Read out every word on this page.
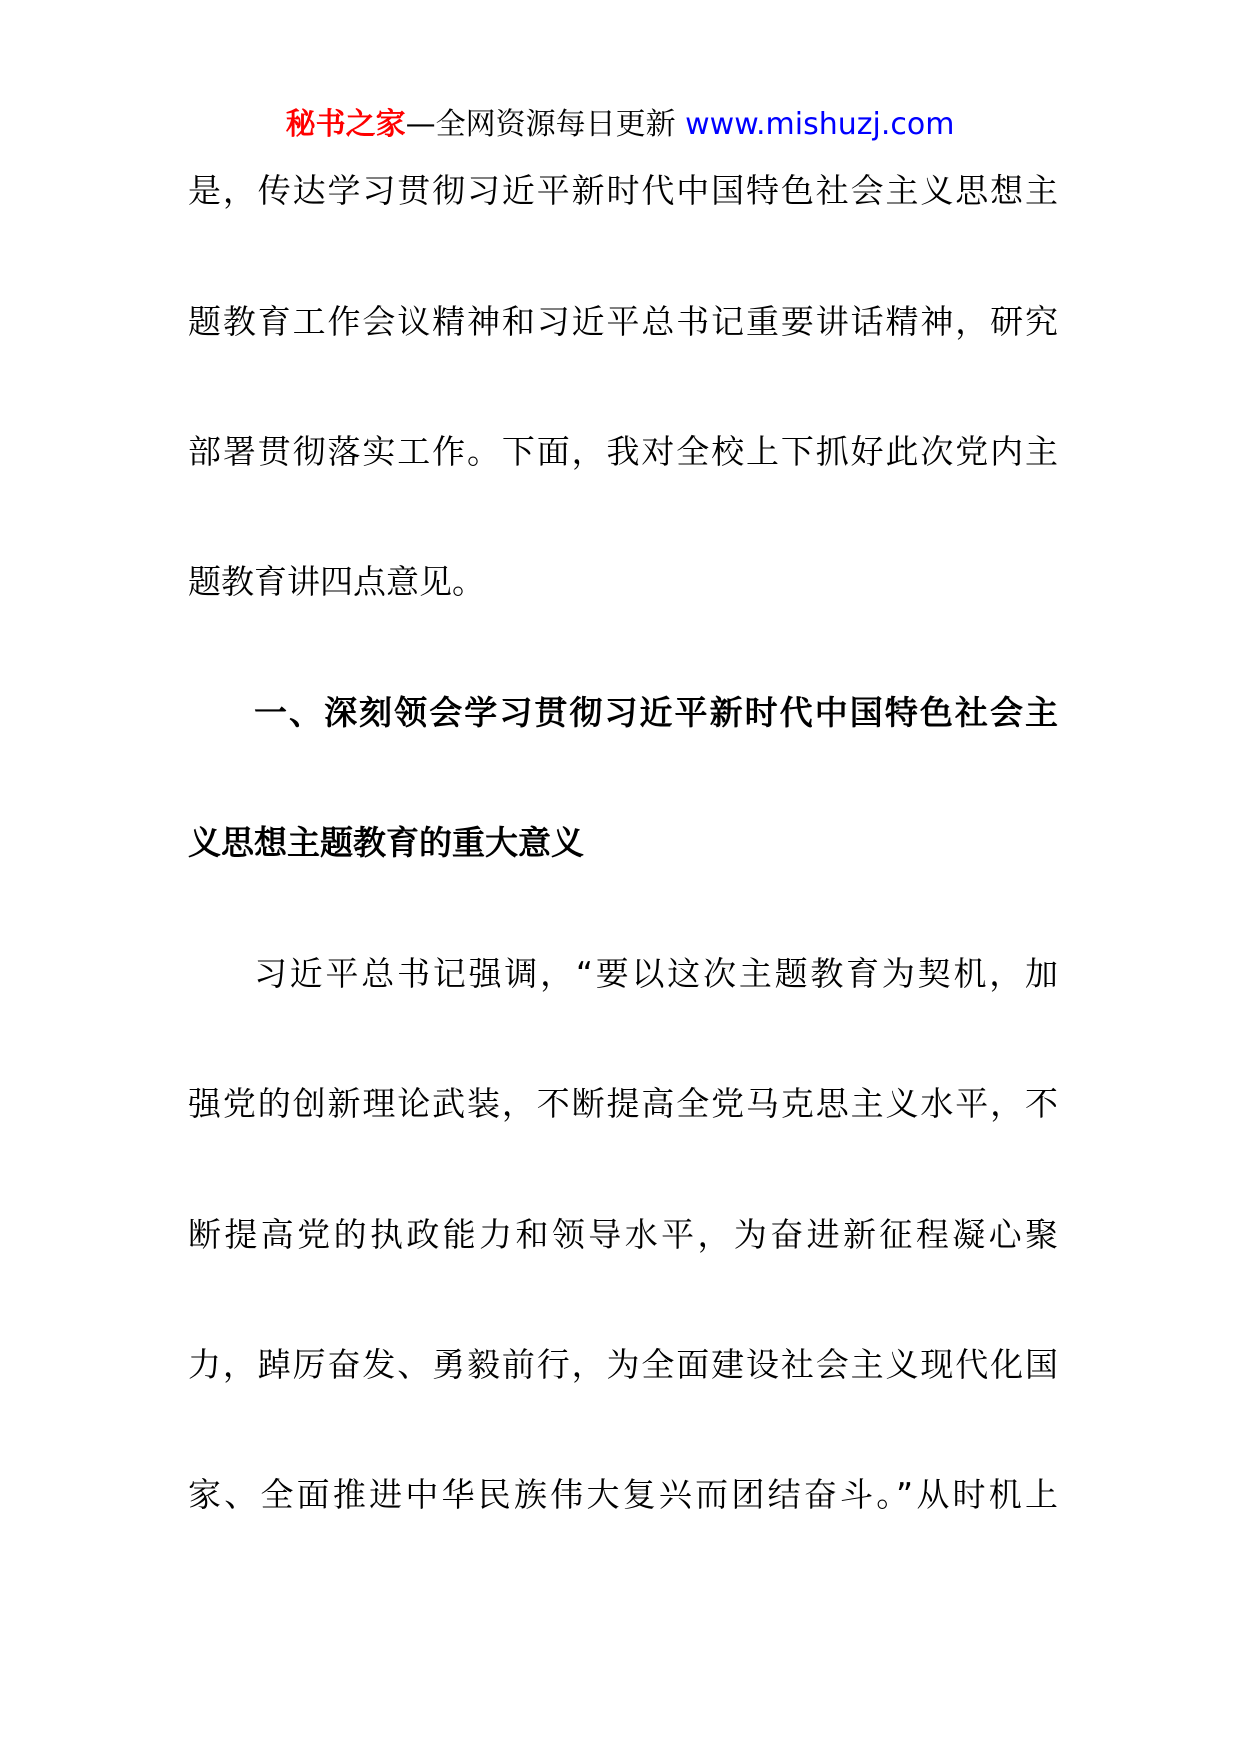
秘书之家—全网资源每日更新 www.mishuzj.com
是，传达学习贯彻习近平新时代中国特色社会主义思想主
题教育工作会议精神和习近平总书记重要讲话精神，研究
部署贯彻落实工作。下面，我对全校上下抓好此次党内主
题教育讲四点意见。
一、深刻领会学习贯彻习近平新时代中国特色社会主
义思想主题教育的重大意义
习近平总书记强调，“要以这次主题教育为契机，加
强党的创新理论武装，不断提高全党马克思主义水平，不
断提高党的执政能力和领导水平，为奋进新征程凝心聚
力，踔厉奋发、勇毅前行，为全面建设社会主义现代化国
家、全面推进中华民族伟大复兴而团结奋斗。”从时机上
